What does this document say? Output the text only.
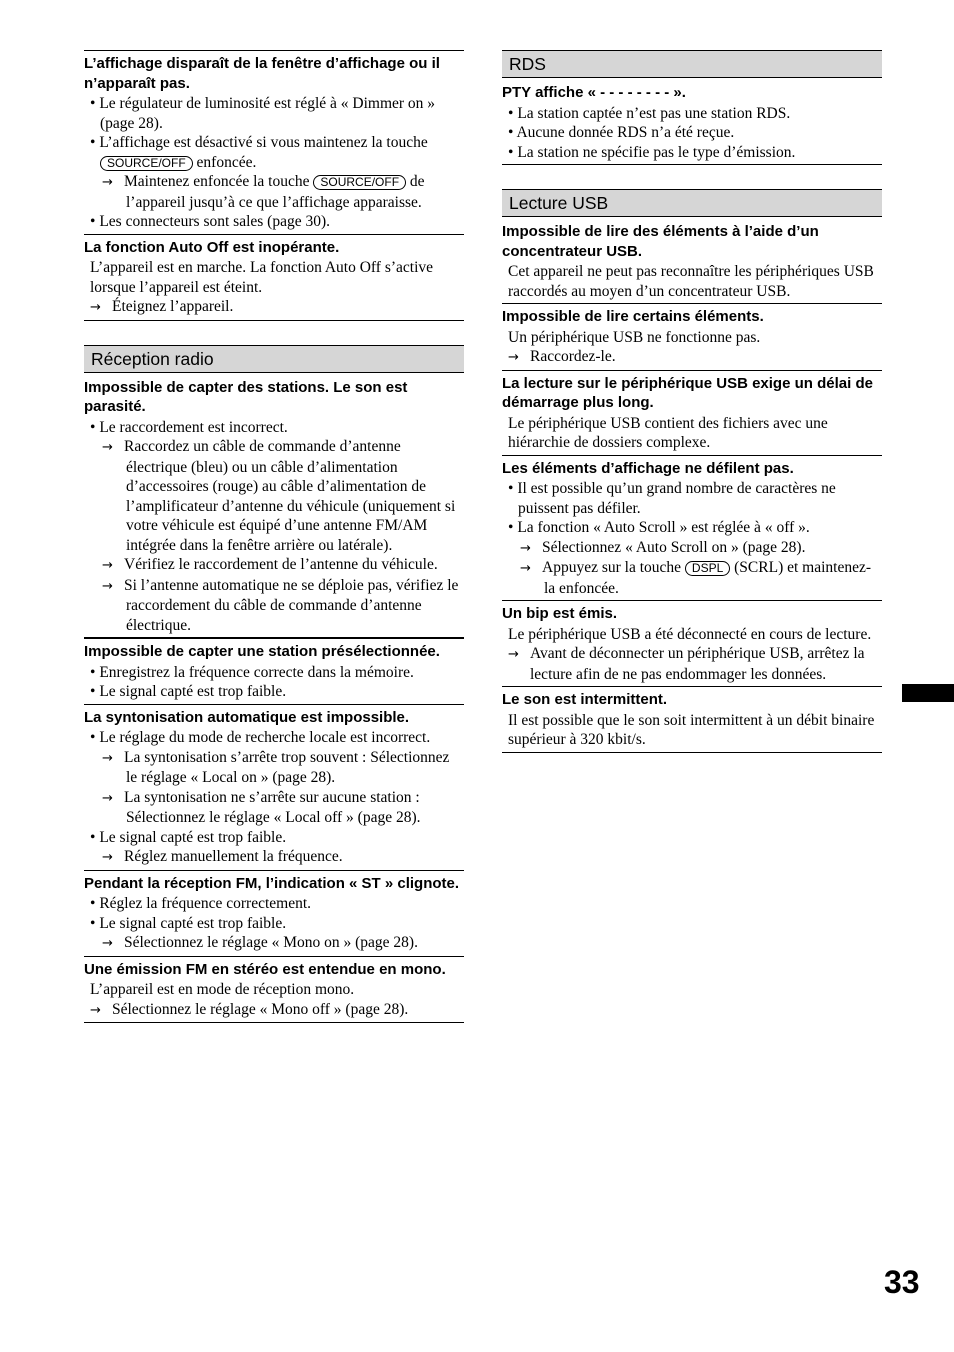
L’affichage disparaît de la fenêtre d’affichage ou il n’apparaît pas.
• Le régulateur de luminosité est réglé à « Dimmer on » (page 28).
• L’affichage est désactivé si vous maintenez la touche SOURCE/OFF enfoncée.
→ Maintenez enfoncée la touche SOURCE/OFF de l’appareil jusqu’à ce que l’affichage apparaisse.
• Les connecteurs sont sales (page 30).
La fonction Auto Off est inopérante.
L’appareil est en marche. La fonction Auto Off s’active lorsque l’appareil est éteint.
→ Éteignez l’appareil.
Réception radio
Impossible de capter des stations. Le son est parasité.
• Le raccordement est incorrect.
→ Raccordez un câble de commande d’antenne électrique (bleu) ou un câble d’alimentation d’accessoires (rouge) au câble d’alimentation de l’amplificateur d’antenne du véhicule (uniquement si votre véhicule est équipé d’une antenne FM/AM intégrée dans la fenêtre arrière ou latérale).
→ Vérifiez le raccordement de l’antenne du véhicule.
→ Si l’antenne automatique ne se déploie pas, vérifiez le raccordement du câble de commande d’antenne électrique.
Impossible de capter une station présélectionnée.
• Enregistrez la fréquence correcte dans la mémoire.
• Le signal capté est trop faible.
La syntonisation automatique est impossible.
• Le réglage du mode de recherche locale est incorrect.
→ La syntonisation s’arrête trop souvent : Sélectionnez le réglage « Local on » (page 28).
→ La syntonisation ne s’arrête sur aucune station : Sélectionnez le réglage « Local off » (page 28).
• Le signal capté est trop faible.
→ Réglez manuellement la fréquence.
Pendant la réception FM, l’indication « ST » clignote.
• Réglez la fréquence correctement.
• Le signal capté est trop faible.
→ Sélectionnez le réglage « Mono on » (page 28).
Une émission FM en stéréo est entendue en mono.
L’appareil est en mode de réception mono.
→ Sélectionnez le réglage « Mono off » (page 28).
RDS
PTY affiche « - - - - - - - - ».
• La station captée n’est pas une station RDS.
• Aucune donnée RDS n’a été reçue.
• La station ne spécifie pas le type d’émission.
Lecture USB
Impossible de lire des éléments à l’aide d’un concentrateur USB.
Cet appareil ne peut pas reconnaître les périphériques USB raccordés au moyen d’un concentrateur USB.
Impossible de lire certains éléments.
Un périphérique USB ne fonctionne pas.
→ Raccordez-le.
La lecture sur le périphérique USB exige un délai de démarrage plus long.
Le périphérique USB contient des fichiers avec une hiérarchie de dossiers complexe.
Les éléments d’affichage ne défilent pas.
• Il est possible qu’un grand nombre de caractères ne puissent pas défiler.
• La fonction « Auto Scroll » est réglée à « off ».
→ Sélectionnez « Auto Scroll on » (page 28).
→ Appuyez sur la touche DSPL (SCRL) et maintenez-la enfoncée.
Un bip est émis.
Le périphérique USB a été déconnecté en cours de lecture.
→ Avant de déconnecter un périphérique USB, arrêtez la lecture afin de ne pas endommager les données.
Le son est intermittent.
Il est possible que le son soit intermittent à un débit binaire supérieur à 320 kbit/s.
33
